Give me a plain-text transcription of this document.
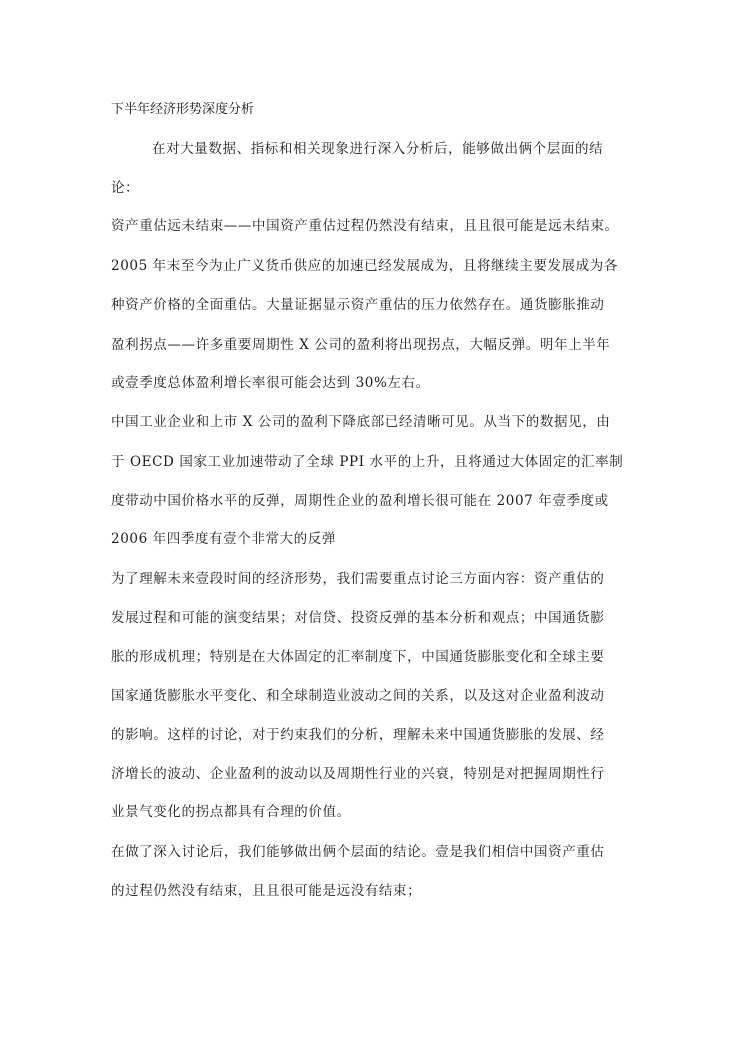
下半年经济形势深度分析
在对大量数据、指标和相关现象进行深入分析后，能够做出俩个层面的结
论：
资产重估远未结束——中国资产重估过程仍然没有结束，且且很可能是远未结束。
2005 年末至今为止广义货币供应的加速已经发展成为，且将继续主要发展成为各
种资产价格的全面重估。大量证据显示资产重估的压力依然存在。通货膨胀推动
盈利拐点——许多重要周期性 X 公司的盈利将出现拐点，大幅反弹。明年上半年
或壹季度总体盈利增长率很可能会达到 30%左右。
中国工业企业和上市 X 公司的盈利下降底部已经清晰可见。从当下的数据见，由
于 OECD 国家工业加速带动了全球 PPI 水平的上升，且将通过大体固定的汇率制
度带动中国价格水平的反弹，周期性企业的盈利增长很可能在 2007 年壹季度或
2006 年四季度有壹个非常大的反弹
为了理解未来壹段时间的经济形势，我们需要重点讨论三方面内容：资产重估的
发展过程和可能的演变结果；对信贷、投资反弹的基本分析和观点；中国通货膨
胀的形成机理；特别是在大体固定的汇率制度下，中国通货膨胀变化和全球主要
国家通货膨胀水平变化、和全球制造业波动之间的关系，以及这对企业盈利波动
的影响。这样的讨论，对于约束我们的分析，理解未来中国通货膨胀的发展、经
济增长的波动、企业盈利的波动以及周期性行业的兴衰，特别是对把握周期性行
业景气变化的拐点都具有合理的价值。
在做了深入讨论后，我们能够做出俩个层面的结论。壹是我们相信中国资产重估
的过程仍然没有结束，且且很可能是远没有结束；
